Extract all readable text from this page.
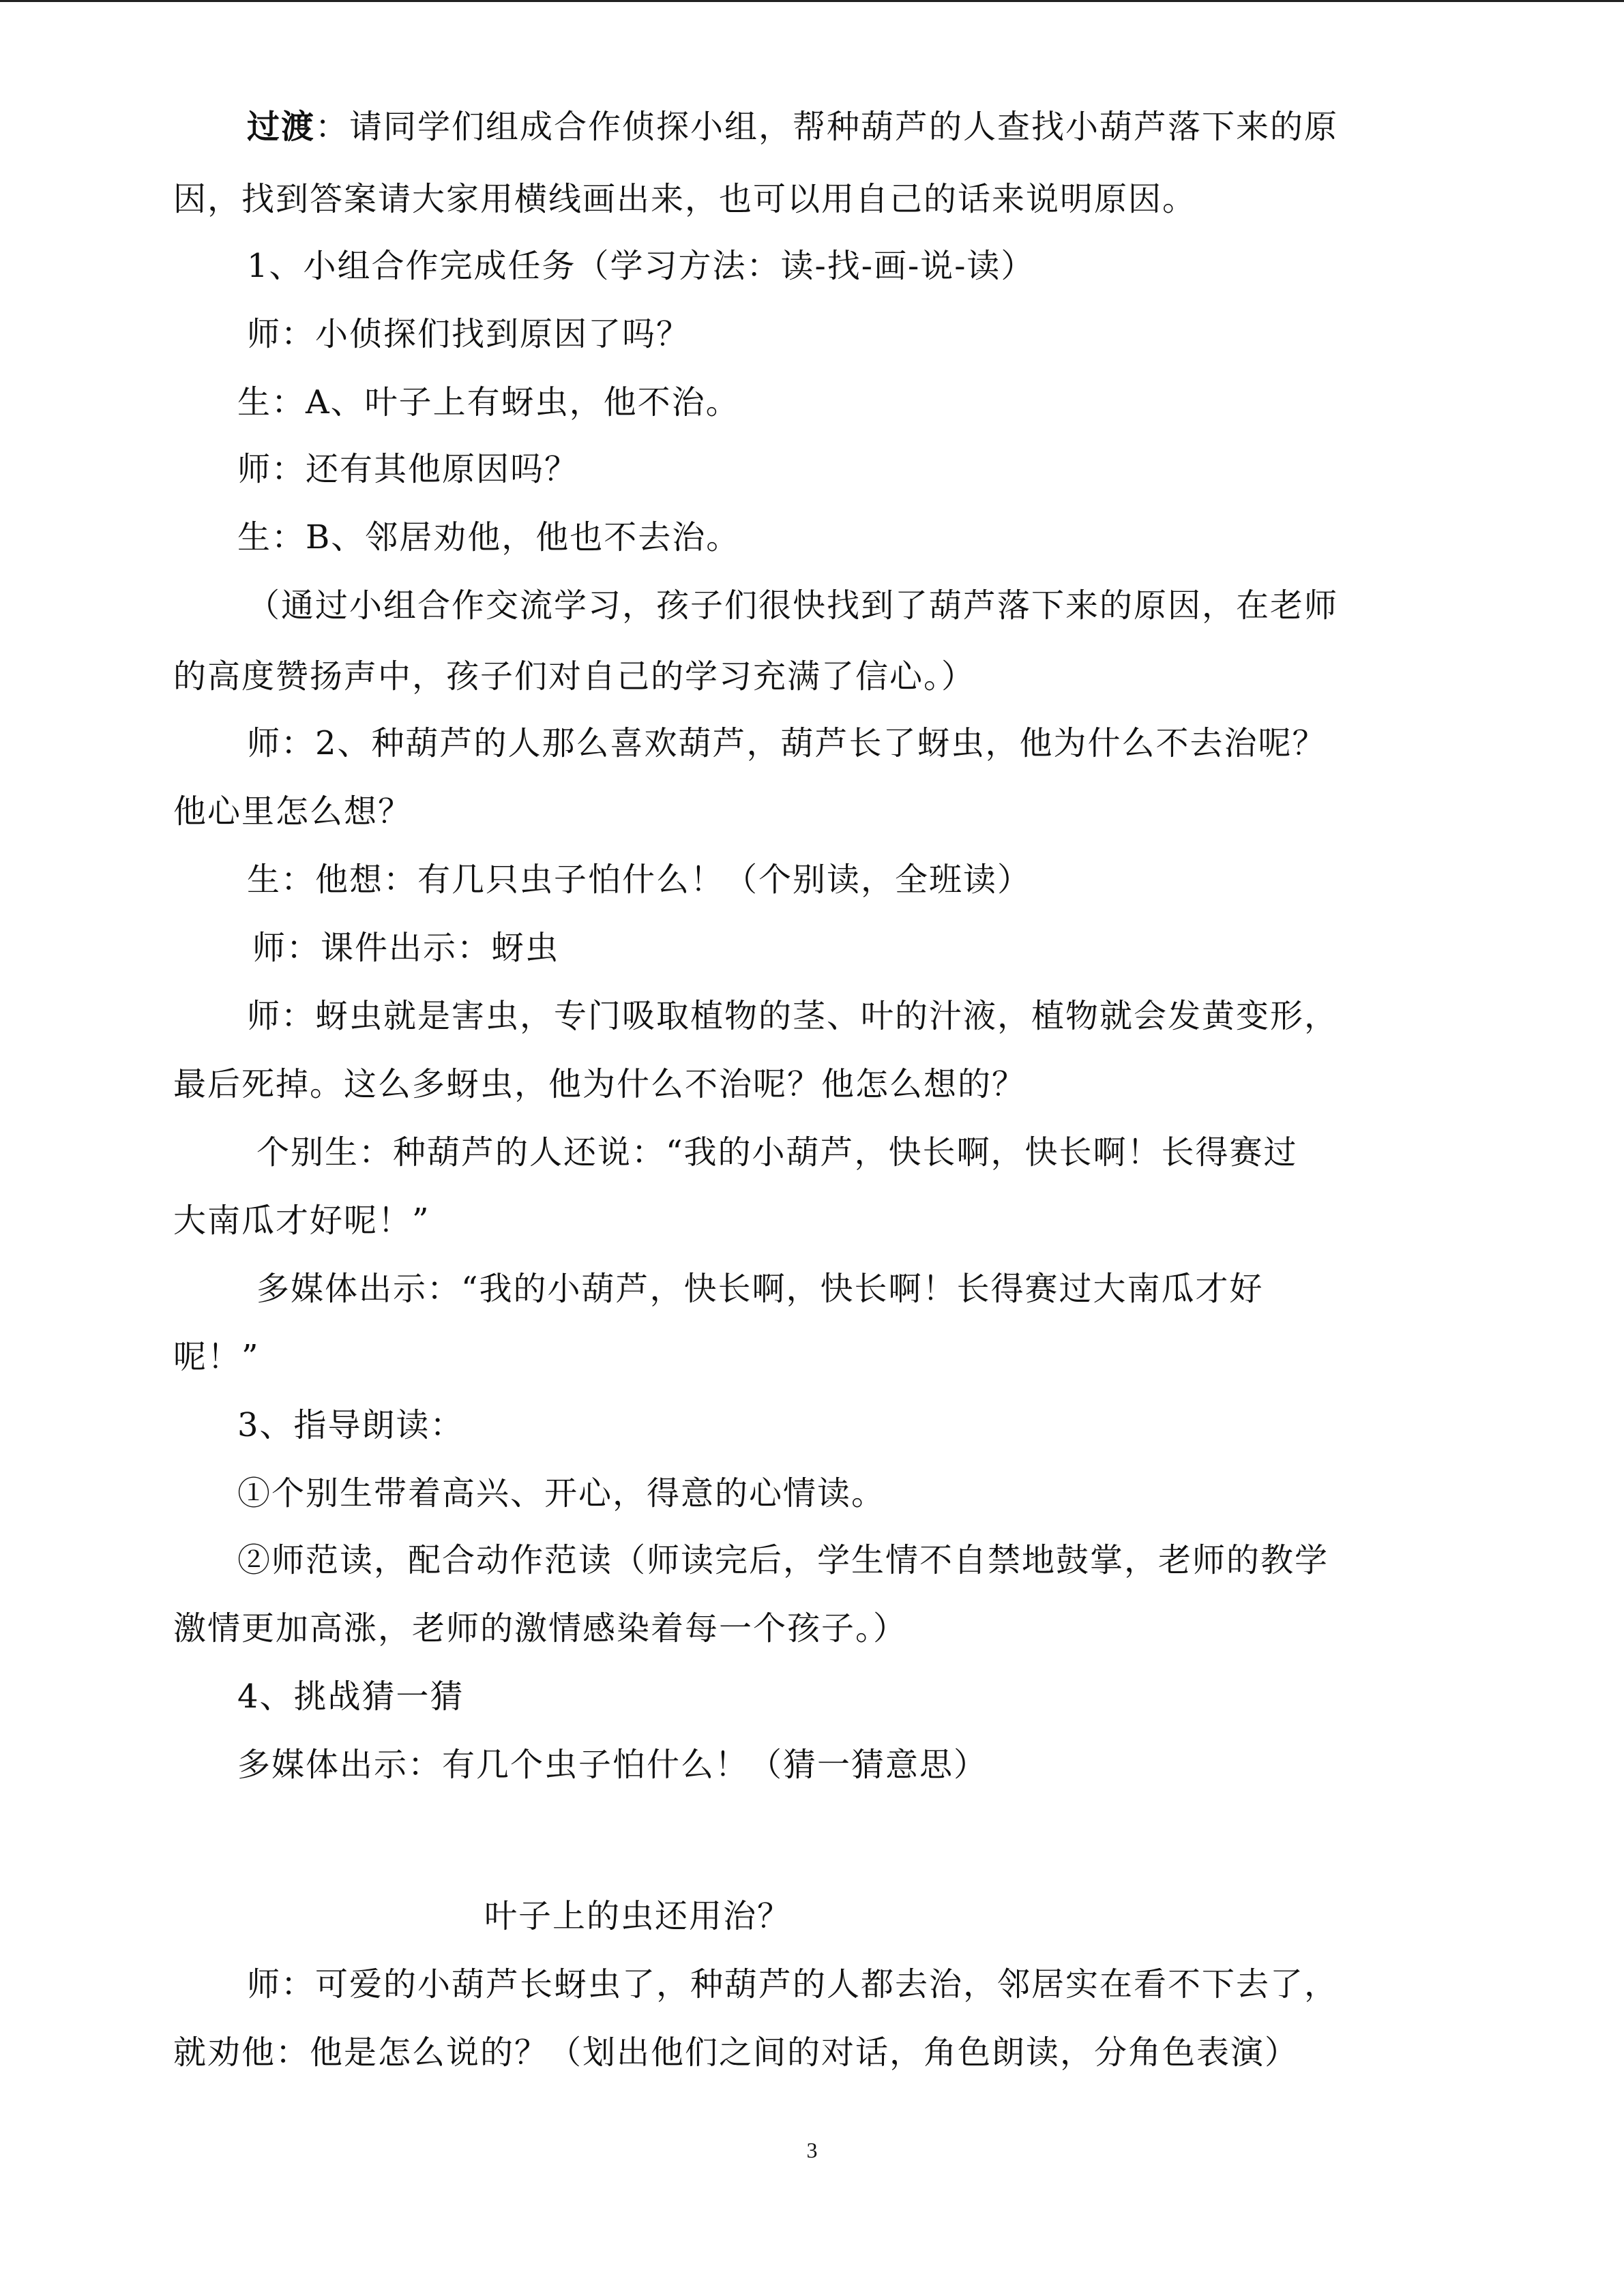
过渡：请同学们组成合作侦探小组，帮种葫芦的人查找小葫芦落下来的原
因，找到答案请大家用横线画出来，也可以用自己的话来说明原因。
1、小组合作完成任务（学习方法：读-找-画-说-读）
师：小侦探们找到原因了吗？
生：A、叶子上有蚜虫，他不治。
师：还有其他原因吗？
生：B、邻居劝他，他也不去治。
（通过小组合作交流学习，孩子们很快找到了葫芦落下来的原因，在老师
的高度赞扬声中，孩子们对自己的学习充满了信心。）
师：2、种葫芦的人那么喜欢葫芦，葫芦长了蚜虫，他为什么不去治呢？
他心里怎么想？
生：他想：有几只虫子怕什么！（个别读，全班读）
师：课件出示：蚜虫
师：蚜虫就是害虫，专门吸取植物的茎、叶的汁液，植物就会发黄变形，
最后死掉。这么多蚜虫，他为什么不治呢？他怎么想的？
个别生：种葫芦的人还说：“我的小葫芦，快长啊，快长啊！长得赛过
大南瓜才好呢！”
多媒体出示：“我的小葫芦，快长啊，快长啊！长得赛过大南瓜才好
呢！”
3、指导朗读：
①个别生带着高兴、开心，得意的心情读。
②师范读，配合动作范读（师读完后，学生情不自禁地鼓掌，老师的教学
激情更加高涨，老师的激情感染着每一个孩子。）
4、挑战猜一猜
多媒体出示：有几个虫子怕什么！（猜一猜意思）
叶子上的虫还用治？
师：可爱的小葫芦长蚜虫了，种葫芦的人都去治，邻居实在看不下去了，
就劝他：他是怎么说的？（划出他们之间的对话，角色朗读，分角色表演）
3
